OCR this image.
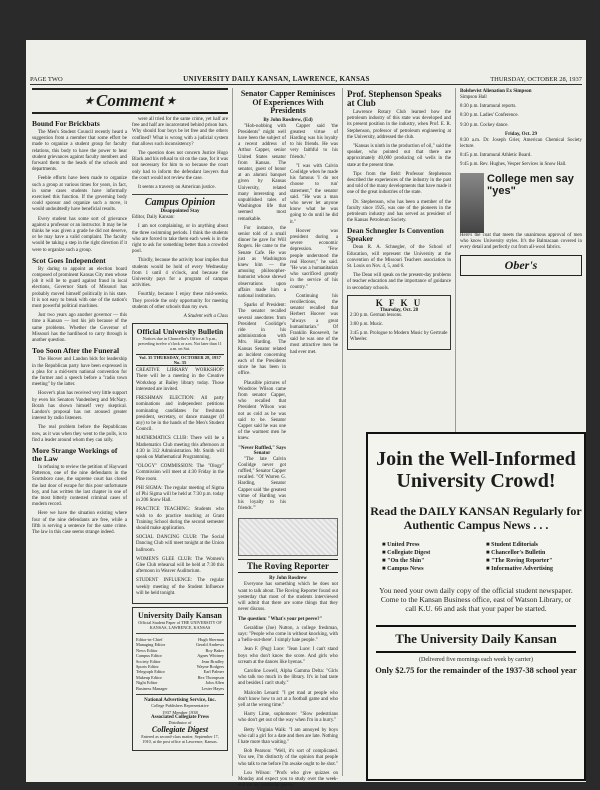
PAGE TWO	UNIVERSITY DAILY KANSAN, LAWRENCE, KANSAS	THURSDAY, OCTOBER 28, 1937
★ Comment ★
Bound For Brickbats

The Men's Student Council recently heard a suggestion from a member that some effort be made to organize a student group for faculty relations, this body to have the power to hear student grievances against faculty members and forward them to the heads of the schools and departments.

Feeble efforts have been made to organize such a group at various times for years, in fact, in some cases students have informally exercised this function. If the governing body could sponsor and organize such a move, it would undoubtedly have beneficial results.

Every student has some sort of grievance against a professor or an instructor. It may be he thinks he was given a grade he did not deserve, or he may have a valid complaint. The faculty would be taking a step in the right direction if it were to organize such a group.

Scot Goes Independent

By daring to appoint an election board composed of prominent Kansas City men whose job it will be to guard against fraud in local elections, Governor Stark of Missouri has probably moved himself politically in his state. It is not easy to break with one of the nation's most powerful political machines.

Just two years ago another governor — this time a Kansan — lost his job because of the same problems. Whether the Governor of Missouri has the hardihood to carry through is another question.

Too Soon After the Funeral

The Hoover and Landon bids for leadership in the Republican party have been expressed in a plea for a mid-term national convention for the former and a speech before a "radio town meeting" by the latter.

Hoover's plan has received very little support by even his Senators Vandenberg and McNary. Borah has shown himself very skeptical. Landon's proposal has not aroused greater interest by radio listeners.

The real problem before the Republicans now, as it was when they went to the polls, is to find a leader around whom they can rally.

More Strange Workings of the Law

In refusing to review the petition of Hayward Patterson, one of the nine defendants in the Scottsboro case, the supreme court has closed the last door of escape for this poor unfortunate boy, and has written the last chapter in one of the most bitterly contested criminal cases of modern record.

Here we have the situation existing where four of the nine defendants are free, while a fifth is serving a sentence for the same crime. The law in this case seems strange indeed.

were all tried for the same crime, yet half are free and half are incarcerated behind prison bars. Why should four boys be let free and the others confined? What is wrong with a judicial system that allows such inconsistency?

The question does not concern Justice Hugo Black and his refusal to sit on the case, for it was not necessary for him to so because the court only had to inform the defendant lawyers that the court would not review the case.

It seems a travesty on American justice.

Campus Opinion
Disappointed Stay

Editor, Daily Kansan:

I am not complaining, or in anything about the three swimming periods. I think the students who are forced to take them each week is in the right to ask for something better than a crowded pool.

Thirdly, because the activity hour implies that students would be hold of every Wednesday from 1 until 4 o'clock, and because the University pays for a program of campus activities.

Fourthly, because I enjoy these mid-weeks. They provide the only opportunity for meeting students of other schools than my own.

A Student with a Class

Official University Bulletin

Notices due in Chancellor's Office at 5 p.m., preceding twelve o'clock or a.m. Not later than 11 a.m. on Sat.

Vol. 35 THURSDAY, OCTOBER 28, 1937 No. 35

CREATIVE LIBRARY WORKSHOP: There will be a meeting in the Creative Workshop at Bailey library today. Those interested are invited.

FRESHMAN ELECTION: All party nominations and independent petitions nominating candidates for freshman president, secretary, or dance manager (if any) to be in the hands of the Men's Student Council.

MATHEMATICS CLUB: There will be a Mathematics Club meeting this afternoon at 4:30 in 312 Administration. Mr. Smith will speak on Mathematical Programming.

"OLOGY" COMMISSION: The "Ology" Commission will meet at 4:30 Friday in the Pine room.

PHI SIGMA: The regular meeting of Sigma of Phi Sigma will be held at 7:30 p.m. today in 206 Snow Hall.

PRACTICE TEACHING: Students who wish to do practice teaching at Grant Training School during the second semester should make application.

SOCIAL DANCING CLUB: The Social Dancing Club will meet tonight at the Union ballroom.

WOMEN'S GLEE CLUB: The Women's Glee Club rehearsal will be held at 7:30 this afternoon in Weaver Auditorium.

STUDENT INFLUENCE: The regular weekly meeting of the Student Influence will be held tonight.

University Daily Kansan
Official Student Paper of THE UNIVERSITY OF KANSAS, LAWRENCE, KANSAS
Editor-in-Chief	Hugh Sherman
Managing Editor	Gerald Andrews
News Editor	Roy Baker
Campus Editor	Agnes Whitney
Society Editor	Jean Bradley
Sports Editor	Wayne Rodgers
Telegraph Editor	Earl Palmer
Makeup Editor	Rex Thompson
Night Editor	John Allen
Business Manager	Lester Hayes
National Advertising Service, Inc.
College Publishers Representative
1937 Member 1938
Associated Collegiate Press
Distributor of
Collegiate Digest

Entered as second-class matter, September 17, 1910, at the post office at Lawrence, Kansas.

Senator Capper Reminisces Of Experiences With Presidents
By John Rosdrew, (Ed)

"Hob-nobbing with Presidents" might well have been the subject of a recent address of Arthur Capper, senior United States senator from Kansas. The senator, guest of honor at an alumni banquet given by Kansas University, related many interesting and unpublished tales of Washington life that seemed most remarkable.

For instance, the senior told of a small dinner he gave for Will Rogers. He came to the Senate Cafe. He was just as Washington knew him — the amusing philosopher-humorist whose shrewd observations upon affairs made him a national institution.

Sparks of President: The senator recalled several anecdotes from President Coolidge's ride in his administration with Mrs. Harding. The Kansas Senator related an incident concerning each of the Presidents since he has been in office.

Plausible pictures of Woodrow Wilson came from senator Capper, who recalled that President Wilson was not as cold as he was said to be. Senator Capper said he was one of the warmest men he knew.

"Never Ruffled," Says Senator

"The late Calvin Coolidge never got ruffled," Senator Capper recalled. "Of Warren G. Harding, Senator Capper said 'the greatest virtue of Harding was his loyalty to his friends.'"

Capper said 'the greatest virtue of Harding was his loyalty to his friends. He was very faithful to his friends.'

"I was with Calvin Coolidge when he made his famous 'I do not choose to run' statement," the senator said. "He was a man who never let anyone know what he was going to do until he did it."

Hoover was president during a severe economic depression. "Few people understood the real Hoover," he said. "He was a humanitarian who sacrificed greatly in the service of his country."

Continuing his recollections, the senator recalled that Herbert Hoover was "always a great humanitarian." Of Franklin Roosevelt, he said he was one of the most attractive men he had ever met.

The Roving Reporter
By John Rosdrew

Everyone has something which he does not want to talk about. The Roving Reporter found out yesterday that most of the students interviewed will admit that there are some things that they never discuss.

The question: "What's your pet peeve?"

Geraldine (Joe) Nutton, a college freshman, says: "People who come in without knocking, with a 'hello-out-there'. I simply hate people."

Jean F. (Pug) Luce: "Jean Luce: I can't stand boys who don't know the score. And girls who scream at the dances like hyenas."

Caroline Lowell, Alpha Gamma Delta: "Girls who talk too much in the library. It's in bad taste and besides I can't study."

Malcolm Lenard: "I get mad at people who don't know how to act at a football game and who yell at the wrong time."

Harry Lime, sophomore: "Slow pedestrians who don't get out of the way when I'm in a hurry."

Betty Virginia Walk: "I am annoyed by boys who call a girl for a date and then are late. Nothing I hate more than waiting."

Bob Pearson: "Well, it's sort of complicated. You see, I'm distinctly of the opinion that people who talk to me before I'm awake ought to be shot."

Lou Wilson: "Profs who give quizzes on Monday and expect you to study over the week-end are my particular peeve."

Prof. Stephenson Speaks at Club

Lawrence Rotary Club learned how the petroleum industry of this state was developed and its present position in the industry, when Prof. E. R. Stephenson, professor of petroleum engineering at the University, addressed the club.

"Kansas is ninth in the production of oil," said the speaker, who pointed out that there are approximately 40,000 producing oil wells in the state at the present time.

Tips from the field: Professor Stephenson described the experiences of the industry in the past and told of the many developments that have made it one of the great industries of the state.

Dr. Stephenson, who has been a member of the faculty since 1925, was one of the pioneers in the petroleum industry and has served as president of the Kansas Petroleum Society.

Dean Schnegler Is Convention Speaker

Dean R. A. Schnegler, of the School of Education, will represent the University at the convention of the Missouri Teachers association in St. Louis on Nov. 4, 5, and 6.

The Dean will speak on the present-day problems of teacher education and the importance of guidance in secondary schools.

K F K U
Thursday, Oct. 28
2:30 p.m. German lessons.
3:00 p.m. Music.
3:45 p.m. Prologue to Modern Music by Gertrude Wheeler.
Bolshevist Alienation Ex Simpson

Simpson Hall

8:30 p.m. Intramural reports.

8:30 p.m. Ladies' Conference.

9:30 p.m. Cockey dance.

Friday, Oct. 29

8:30 a.m. Dr. Joseph Grier, American Chemical Society lecture.

8:45 p.m. Intramural Athletic Board.

9:45 p.m. Rev. Hughes, Vesper Services in Snow Hall.

College men say "yes"

Here's the coat that meets the unanimous approval of men who know University styles. It's the Balmacaan covered in every detail and perfectly cut from all-wool fabrics.

Ober's
Join the Well-Informed University Crowd!
Read the DAILY KANSAN Regularly for Authentic Campus News . . .
■ United Press	■ Student Editorials
■ Collegiate Digest	■ Chancellor's Bulletin
■ "On the Shin"	■ "The Roving Reporter"
■ Campus News	■ Informative Advertising
You need your own daily copy of the official student newspaper. Come to the Kansan Business office, east of Watson Library, or call K.U. 66 and ask that your paper be started.
The University Daily Kansan
(Delivered five mornings each week by carrier)
Only $2.75 for the remainder of the 1937-38 school year
